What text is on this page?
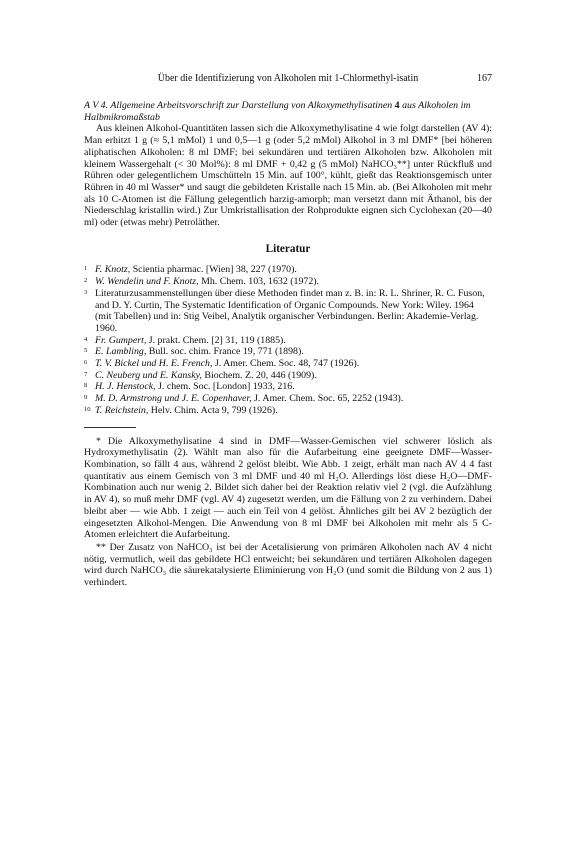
Über die Identifizierung von Alkoholen mit 1-Chlormethyl-isatin	167

A V 4. Allgemeine Arbeitsvorschrift zur Darstellung von Alkoxymethylisatinen 4 aus Alkoholen im Halbmikromaßstab

Aus kleinen Alkohol-Quantitäten lassen sich die Alkoxymethylisatine 4 wie folgt darstellen (AV 4): Man erhitzt 1 g (≈ 5,1 mMol) 1 und 0,5—1 g (oder 5,2 mMol) Alkohol in 3 ml DMF* [bei höheren aliphatischen Alkoholen: 8 ml DMF; bei sekundären und tertiären Alkoholen bzw. Alkoholen mit kleinem Wassergehalt (< 30 Mol%): 8 ml DMF + 0,42 g (5 mMol) NaHCO₃**] unter Rückfluß und Rühren oder gelegentlichem Umschütteln 15 Min. auf 100°, kühlt, gießt das Reaktionsgemisch unter Rühren in 40 ml Wasser* und saugt die gebildeten Kristalle nach 15 Min. ab. (Bei Alkoholen mit mehr als 10 C-Atomen ist die Fällung gelegentlich harzig-amorph; man versetzt dann mit Äthanol, bis der Niederschlag kristallin wird.) Zur Umkristallisation der Rohprodukte eignen sich Cyclohexan (20—40 ml) oder (etwas mehr) Petroläther.

Literatur
1 F. Knotz, Scientia pharmac. [Wien] 38, 227 (1970).
2 W. Wendelin und F. Knotz, Mh. Chem. 103, 1632 (1972).
3 Literaturzusammenstellungen über diese Methoden findet man z. B. in: R. L. Shriner, R. C. Fuson, and D. Y. Curtin, The Systematic Identification of Organic Compounds. New York: Wiley. 1964 (mit Tabellen) und in: Stig Veibel, Analytik organischer Verbindungen. Berlin: Akademie-Verlag. 1960.
4 Fr. Gumpert, J. prakt. Chem. [2] 31, 119 (1885).
5 E. Lambling, Bull. soc. chim. France 19, 771 (1898).
6 T. V. Bickel und H. E. French, J. Amer. Chem. Soc. 48, 747 (1926).
7 C. Neuberg und E. Kansky, Biochem. Z. 20, 446 (1909).
8 H. J. Henstock, J. chem. Soc. [London] 1933, 216.
9 M. D. Armstrong und J. E. Copenhaver, J. Amer. Chem. Soc. 65, 2252 (1943).
10 T. Reichstein, Helv. Chim. Acta 9, 799 (1926).

* Die Alkoxymethylisatine 4 sind in DMF—Wasser-Gemischen viel schwerer löslich als Hydroxymethylisatin (2). Wählt man also für die Aufarbeitung eine geeignete DMF—Wasser-Kombination, so fällt 4 aus, während 2 gelöst bleibt. Wie Abb. 1 zeigt, erhält man nach AV 4 4 fast quantitativ aus einem Gemisch von 3 ml DMF und 40 ml H₂O. Allerdings löst diese H₂O—DMF-Kombination auch nur wenig 2. Bildet sich daher bei der Reaktion relativ viel 2 (vgl. die Aufzählung in AV 4), so muß mehr DMF (vgl. AV 4) zugesetzt werden, um die Fällung von 2 zu verhindern. Dabei bleibt aber — wie Abb. 1 zeigt — auch ein Teil von 4 gelöst. Ähnliches gilt bei AV 2 bezüglich der eingesetzten Alkohol-Mengen. Die Anwendung von 8 ml DMF bei Alkoholen mit mehr als 5 C-Atomen erleichtert die Aufarbeitung.

** Der Zusatz von NaHCO₃ ist bei der Acetalisierung von primären Alkoholen nach AV 4 nicht nötig, vermutlich, weil das gebildete HCl entweicht; bei sekundären und tertiären Alkoholen dagegen wird durch NaHCO₃ die säurekatalysierte Eliminierung von H₂O (und somit die Bildung von 2 aus 1) verhindert.
